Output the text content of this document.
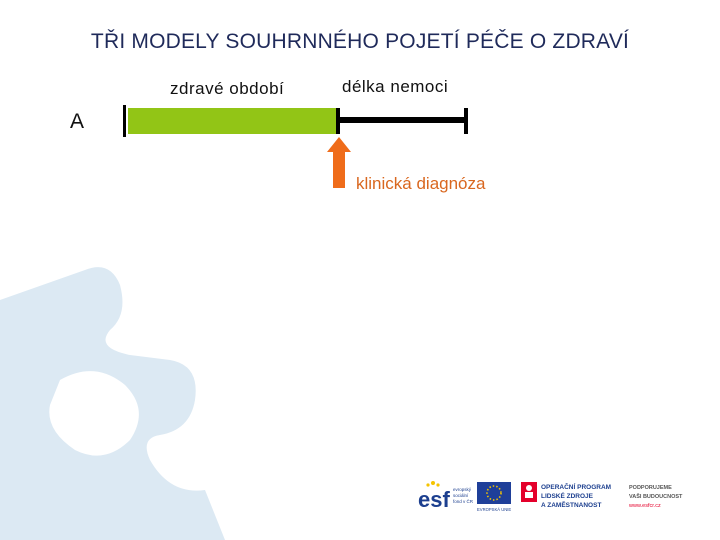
TŘI MODELY SOUHRNNÉHO POJETÍ PÉČE O ZDRAVÍ
zdravé období	délka nemoci
A
klinická diagnóza
esf evropský
sociální
fond v ČR
EVROPSKÁ UNIE
OPERAČNÍ PROGRAM
LIDSKÉ ZDROJE
A ZAMĚSTNANOST
PODPORUJEME
VAŠI BUDOUCNOST
www.esfcr.cz
